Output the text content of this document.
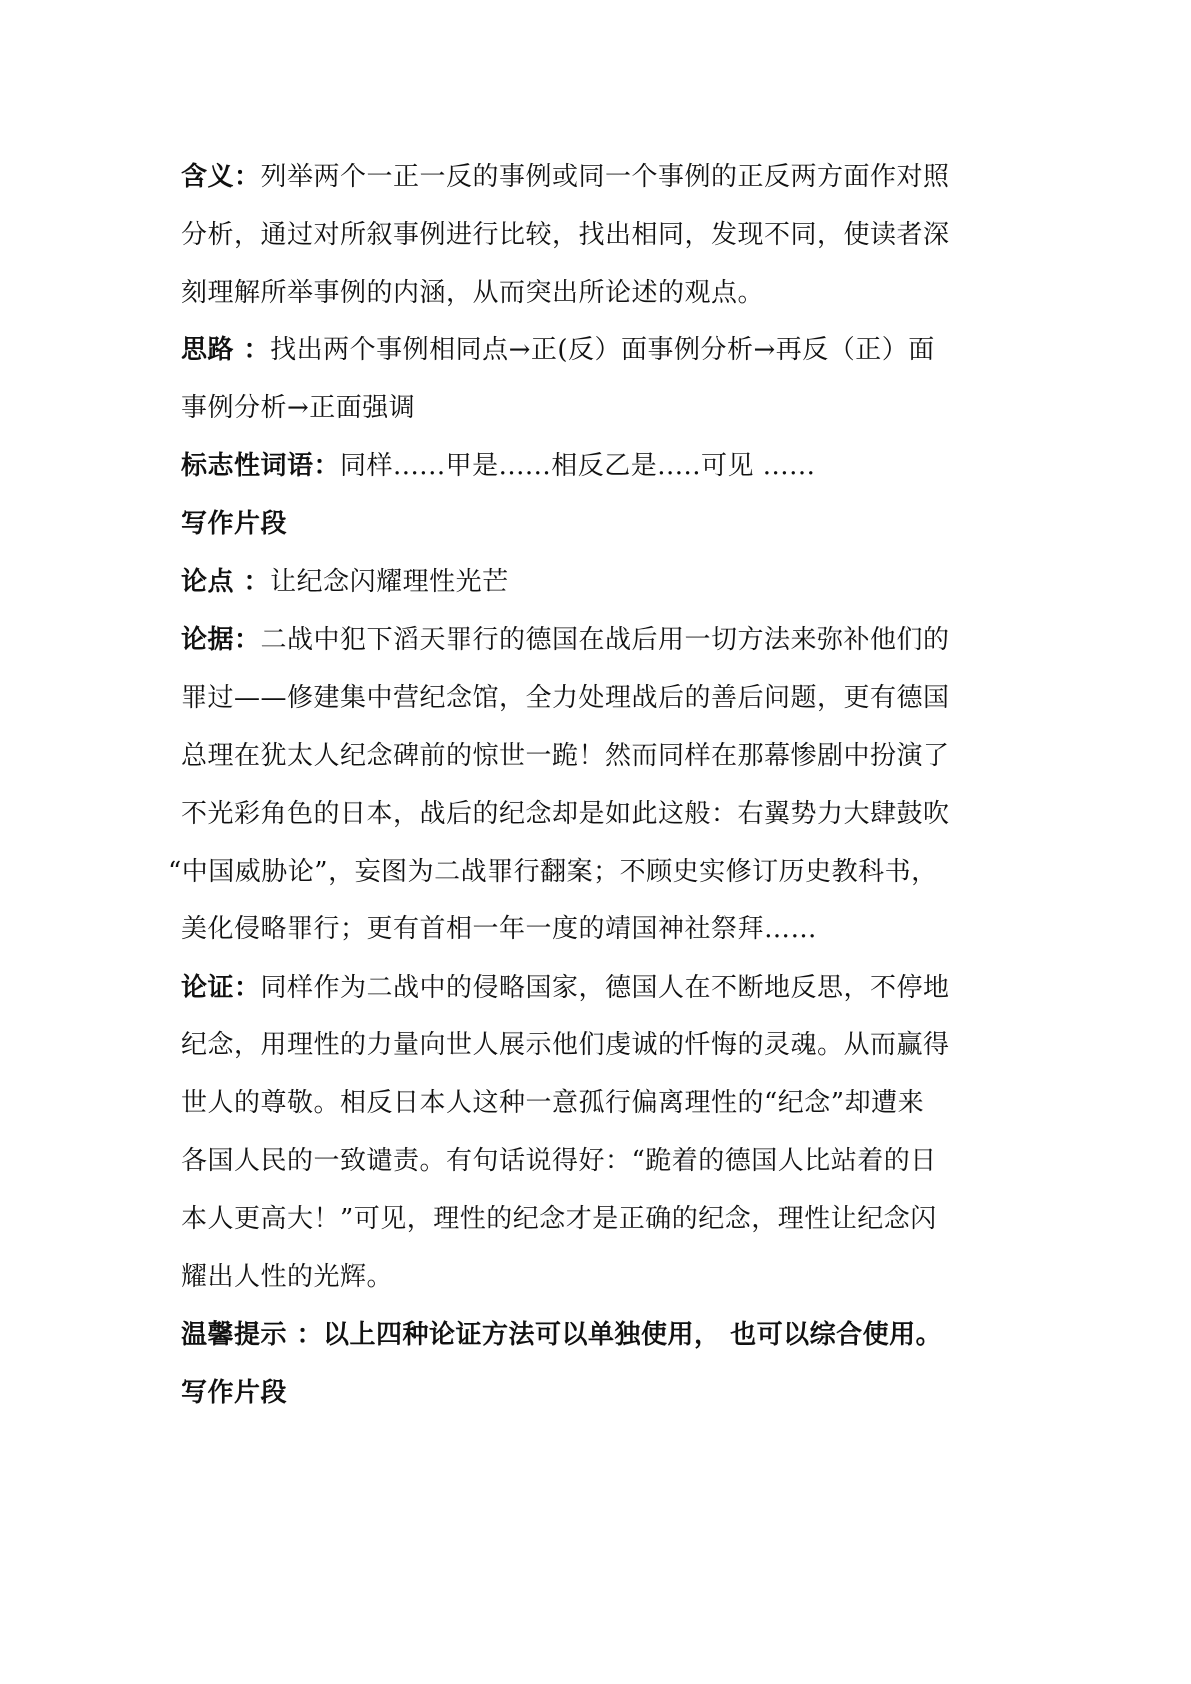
含义：列举两个一正一反的事例或同一个事例的正反两方面作对照
分析，通过对所叙事例进行比较，找出相同，发现不同，使读者深
刻理解所举事例的内涵，从而突出所论述的观点。
思路 ：找出两个事例相同点→正(反）面事例分析→再反（正）面
事例分析→正面强调
标志性词语：同样......甲是......相反乙是.....可见 ......
写作片段
论点 ：让纪念闪耀理性光芒
论据：二战中犯下滔天罪行的德国在战后用一切方法来弥补他们的
罪过——修建集中营纪念馆，全力处理战后的善后问题，更有德国
总理在犹太人纪念碑前的惊世一跪！然而同样在那幕惨剧中扮演了
不光彩角色的日本，战后的纪念却是如此这般：右翼势力大肆鼓吹
“中国威胁论”，妄图为二战罪行翻案；不顾史实修订历史教科书，
美化侵略罪行；更有首相一年一度的靖国神社祭拜……
论证：同样作为二战中的侵略国家，德国人在不断地反思，不停地
纪念，用理性的力量向世人展示他们虔诚的忏悔的灵魂。从而赢得
世人的尊敬。相反日本人这种一意孤行偏离理性的“纪念”却遭来
各国人民的一致谴责。有句话说得好：“跪着的德国人比站着的日
本人更高大！”可见，理性的纪念才是正确的纪念，理性让纪念闪
耀出人性的光辉。
温馨提示 ：以上四种论证方法可以单独使用， 也可以综合使用。
写作片段
